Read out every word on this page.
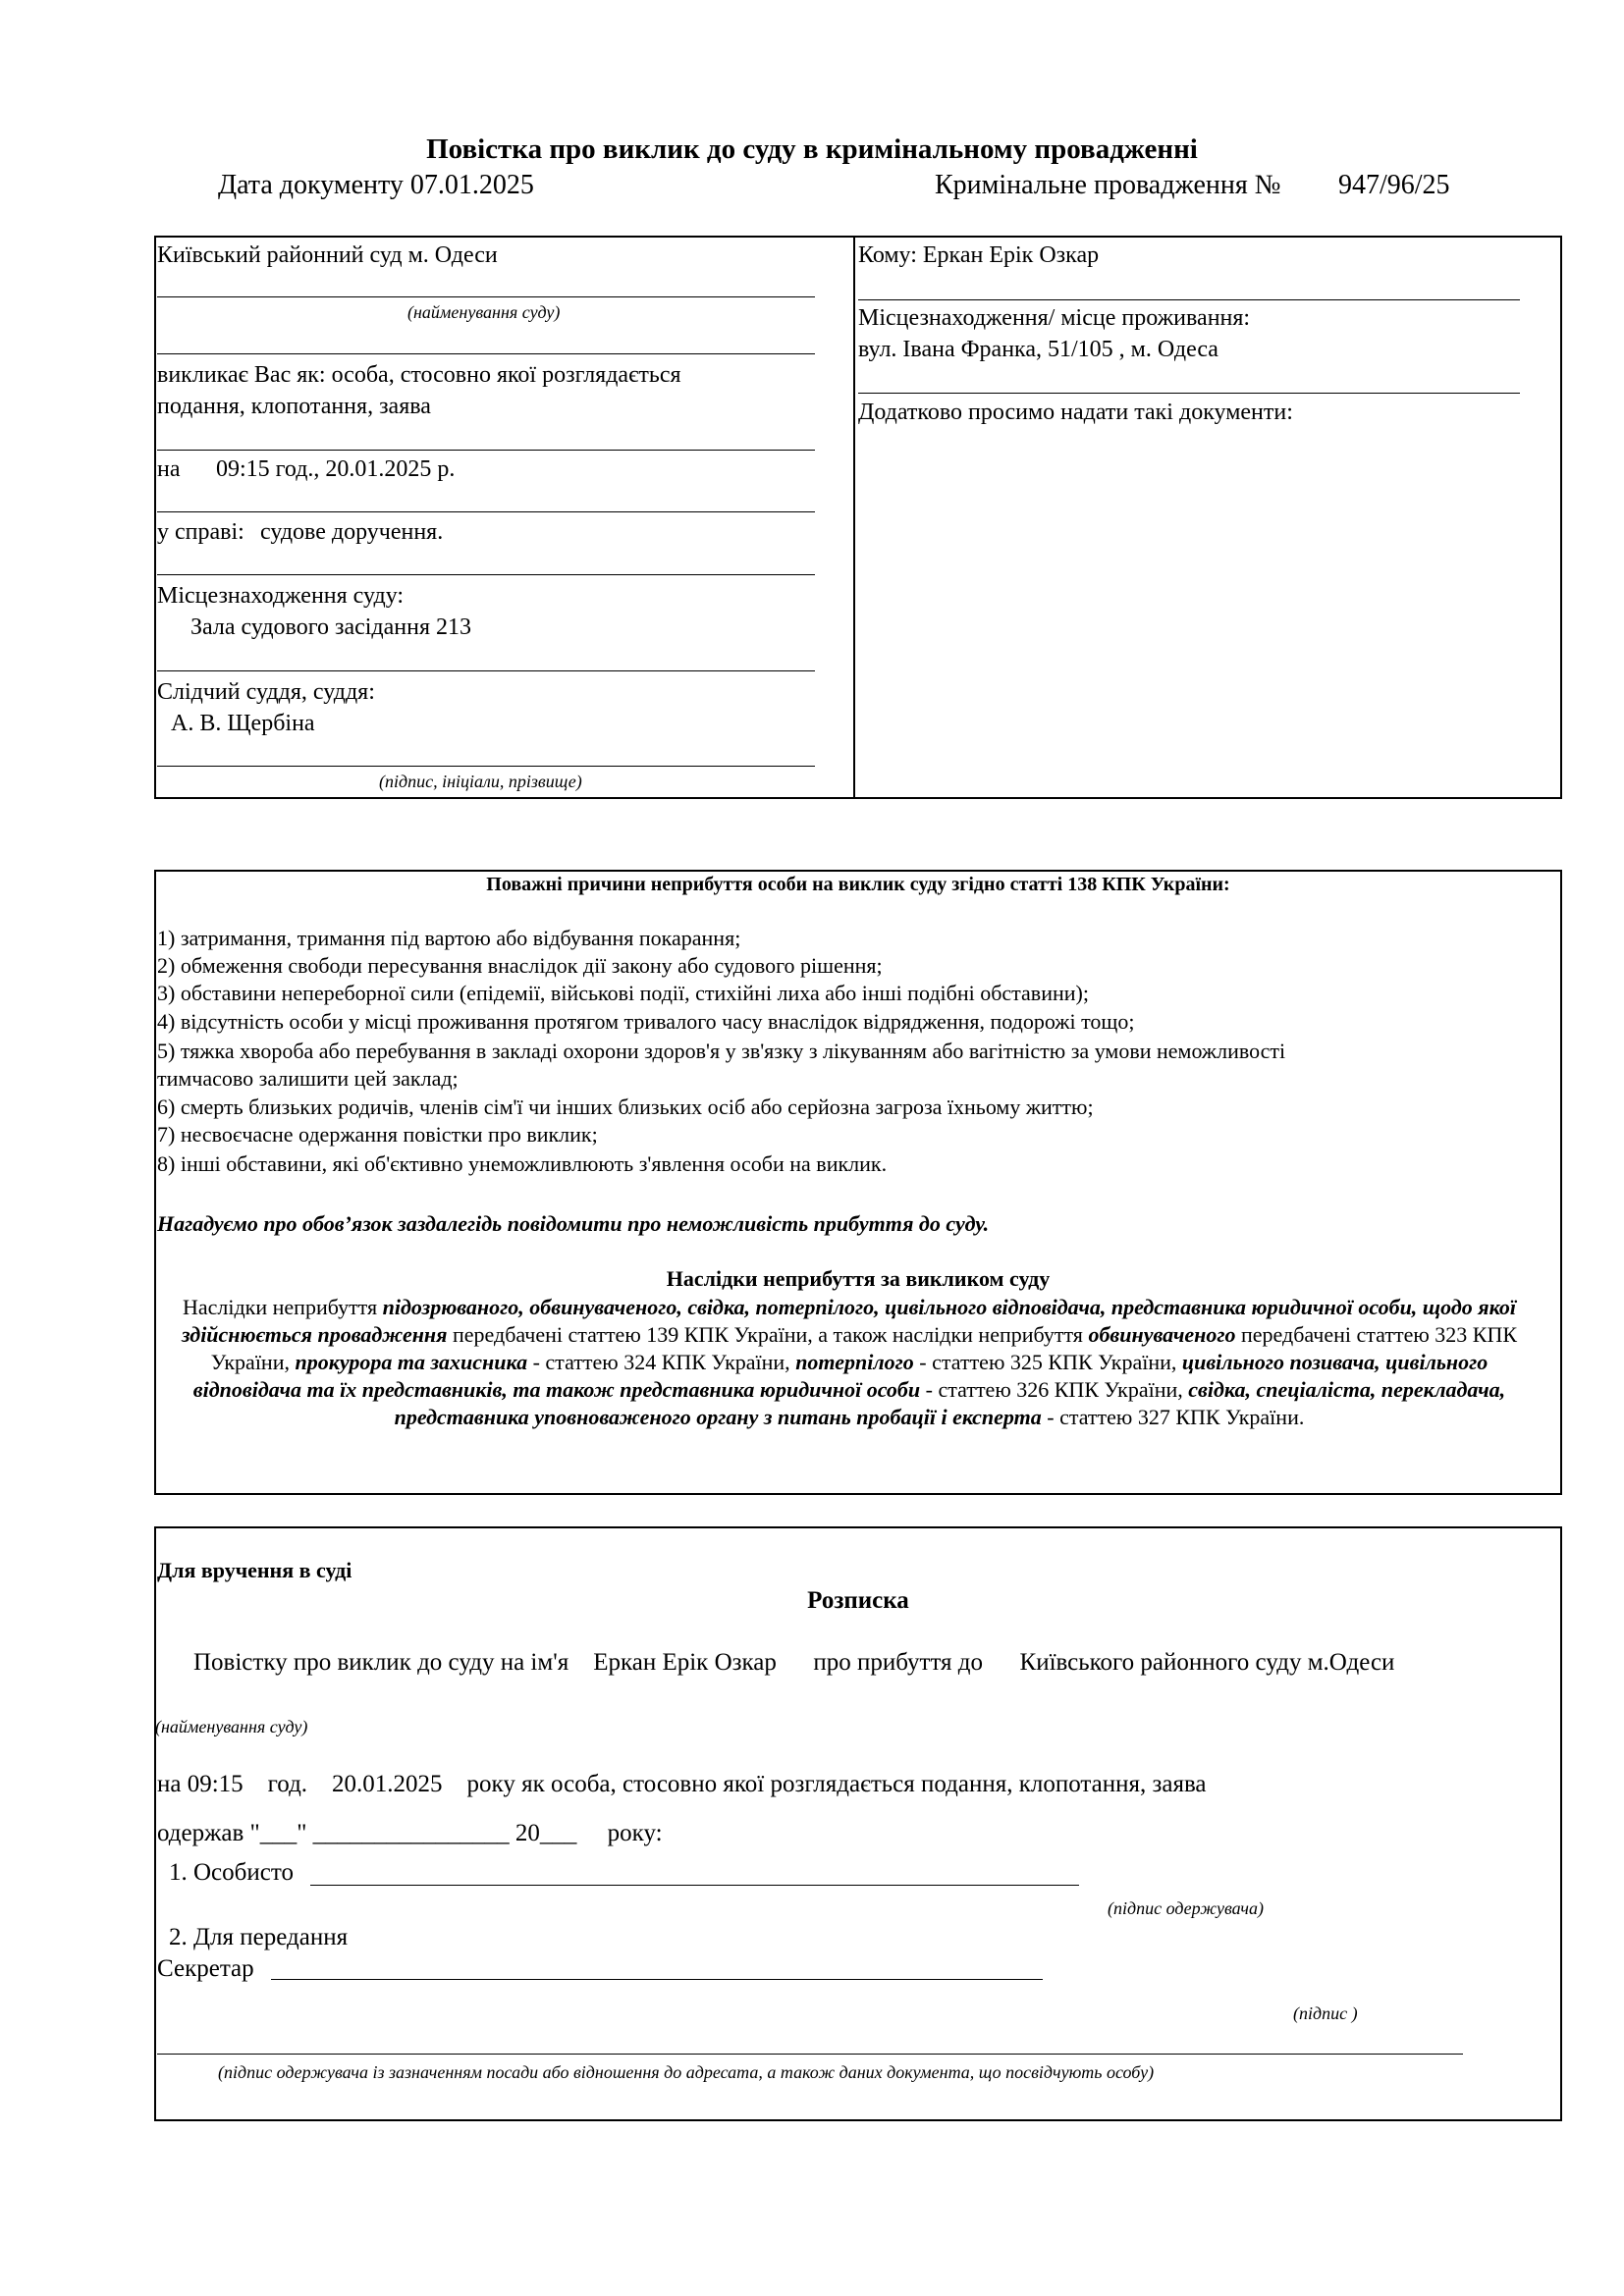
Повістка про виклик до суду в кримінальному провадженні
Дата документу 07.01.2025	Кримінальне провадження № 947/96/25
Київський районний суд м. Одеси
(найменування суду)
викликає Вас як: особа, стосовно якої розглядається
подання, клопотання, заява
на 09:15 год., 20.01.2025 р.
у справі: судове доручення.
Місцезнаходження суду:
Зала судового засідання 213
Слідчий суддя, суддя:
А. В. Щербіна
(підпис, ініціали, прізвище)
Кому: Еркан Ерік Озкар
Місцезнаходження/ місце проживання:
вул. Івана Франка, 51/105 , м. Одеса
Додатково просимо надати такі документи:
Поважні причини неприбуття особи на виклик суду згідно статті 138 КПК України:
1) затримання, тримання під вартою або відбування покарання;
2) обмеження свободи пересування внаслідок дії закону або судового рішення;
3) обставини непереборної сили (епідемії, військові події, стихійні лиха або інші подібні обставини);
4) відсутність особи у місці проживання протягом тривалого часу внаслідок відрядження, подорожі тощо;
5) тяжка хвороба або перебування в закладі охорони здоров'я у зв'язку з лікуванням або вагітністю за умови неможливості
тимчасово залишити цей заклад;
6) смерть близьких родичів, членів сім'ї чи інших близьких осіб або серйозна загроза їхньому життю;
7) несвоєчасне одержання повістки про виклик;
8) інші обставини, які об'єктивно унеможливлюють з'явлення особи на виклик.
Нагадуємо про обов’язок заздалегідь повідомити про неможливість прибуття до суду.
Наслідки неприбуття за викликом суду
Наслідки неприбуття підозрюваного, обвинуваченого, свідка, потерпілого, цивільного відповідача, представника юридичної особи, щодо якої здійснюється провадження передбачені статтею 139 КПК України, а також наслідки неприбуття обвинуваченого передбачені статтею 323 КПК України, прокурора та захисника - статтею 324 КПК України, потерпілого - статтею 325 КПК України, цивільного позивача, цивільного відповідача та їх представників, та також представника юридичної особи - статтею 326 КПК України, свідка, спеціаліста, перекладача, представника уповноваженого органу з питань пробації і експерта - статтею 327 КПК України.
Для вручення в суді
Розписка
Повістку про виклик до суду на ім'я    Еркан Ерік Озкар      про прибуття до      Київського районного суду м.Одеси
(найменування суду)
на 09:15    год.    20.01.2025    року як особа, стосовно якої розглядається подання, клопотання, заява
одержав "___" ________________ 20___     року:
1. Особисто
(підпис одержувача)
2. Для передання
Секретар
(підпис )
(підпис одержувача із зазначенням посади або відношення до адресата, а також даних документа, що посвідчують особу)
